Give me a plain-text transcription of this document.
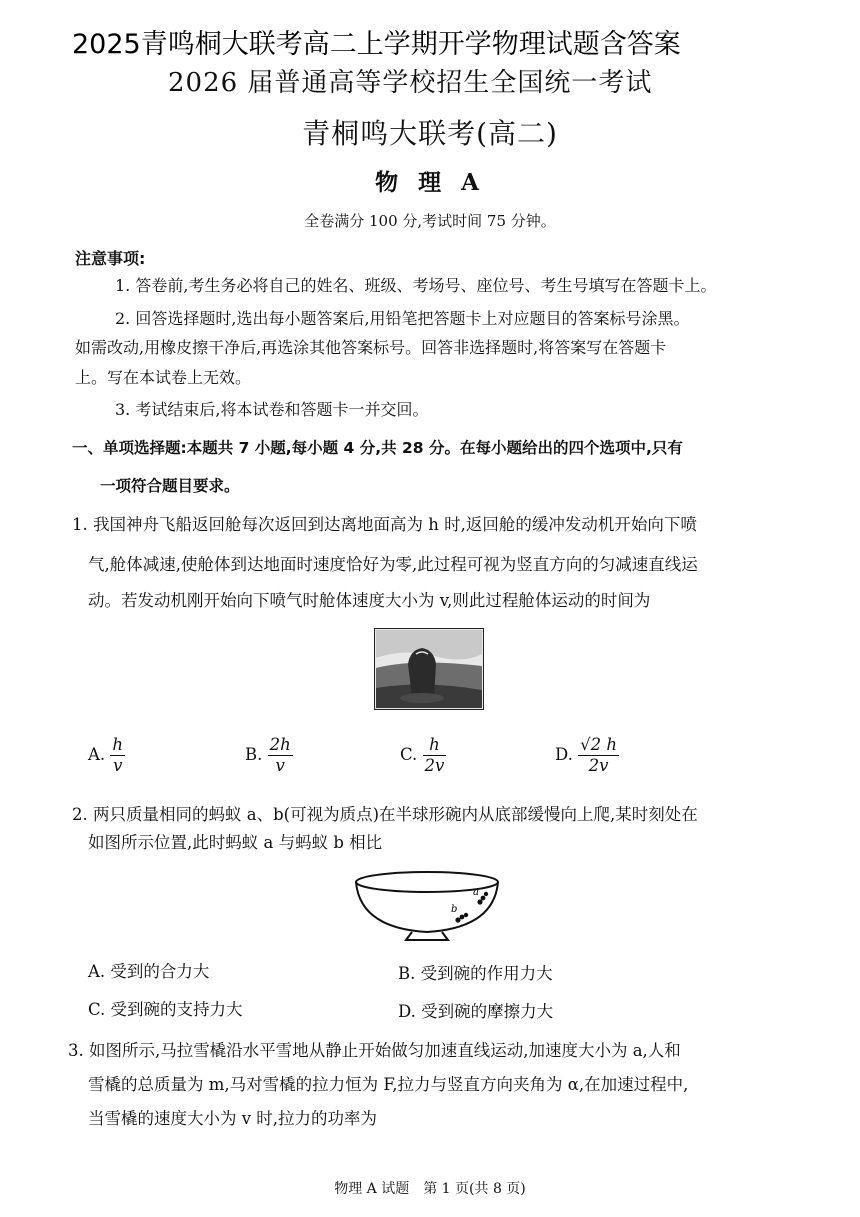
2025青鸣桐大联考高二上学期开学物理试题含答案
2026 届普通高等学校招生全国统一考试
青桐鸣大联考(高二)
物 理 A
全卷满分 100 分,考试时间 75 分钟。
注意事项:
1. 答卷前,考生务必将自己的姓名、班级、考场号、座位号、考生号填写在答题卡上。
2. 回答选择题时,选出每小题答案后,用铅笔把答题卡上对应题目的答案标号涂黑。
如需改动,用橡皮擦干净后,再选涂其他答案标号。回答非选择题时,将答案写在答题卡
上。写在本试卷上无效。
3. 考试结束后,将本试卷和答题卡一并交回。
一、单项选择题:本题共 7 小题,每小题 4 分,共 28 分。在每小题给出的四个选项中,只有
一项符合题目要求。
1. 我国神舟飞船返回舱每次返回到达离地面高为 h 时,返回舱的缓冲发动机开始向下喷
气,舱体减速,使舱体到达地面时速度恰好为零,此过程可视为竖直方向的匀减速直线运
动。若发动机刚开始向下喷气时舱体速度大小为 v,则此过程舱体运动的时间为
A. $\frac{h}{v}$	B. $\frac{2h}{v}$	C. $\frac{h}{2v}$	D. $\frac{√2 h}{2v}$
2. 两只质量相同的蚂蚁 a、b(可视为质点)在半球形碗内从底部缓慢向上爬,某时刻处在
如图所示位置,此时蚂蚁 a 与蚂蚁 b 相比
a
b
A. 受到的合力大	B. 受到碗的作用力大
C. 受到碗的支持力大	D. 受到碗的摩擦力大
3. 如图所示,马拉雪橇沿水平雪地从静止开始做匀加速直线运动,加速度大小为 a,人和
雪橇的总质量为 m,马对雪橇的拉力恒为 F,拉力与竖直方向夹角为 α,在加速过程中,
当雪橇的速度大小为 v 时,拉力的功率为
物理 A 试题　第 1 页(共 8 页)
